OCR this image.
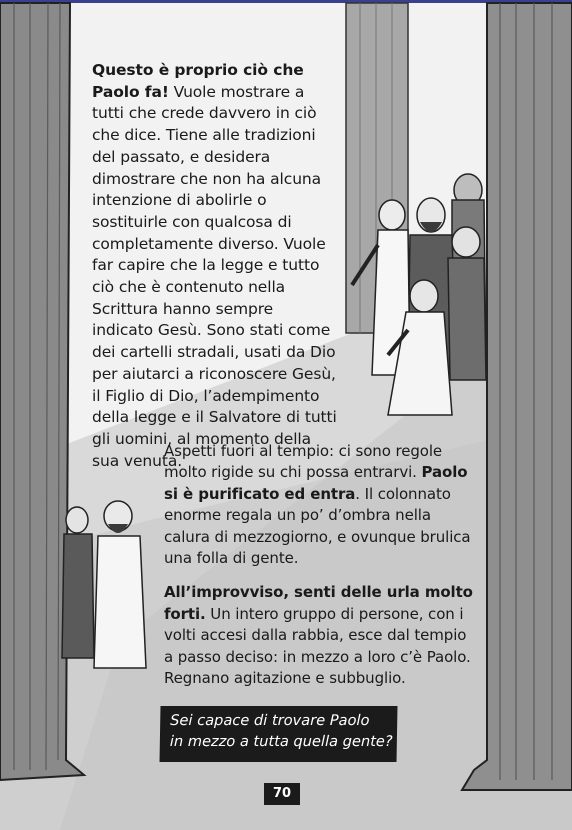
Questo è proprio ciò che Paolo fa! Vuole mostrare a tutti che crede davvero in ciò che dice. Tiene alle tradizioni del passato, e desidera dimostrare che non ha alcuna intenzione di abolirle o sostituirle con qualcosa di completamente diverso. Vuole far capire che la legge e tutto ciò che è contenuto nella Scrittura hanno sempre indicato Gesù. Sono stati come dei cartelli stradali, usati da Dio per aiutarci a riconoscere Gesù, il Figlio di Dio, l’adempimento della legge e il Salvatore di tutti gli uomini, al momento della sua venuta.

Aspetti fuori al tempio: ci sono regole molto rigide su chi possa entrarvi. Paolo si è purificato ed entra. Il colonnato enorme regala un po’ d’ombra nella calura di mezzogiorno, e ovunque brulica una folla di gente.

All’improvviso, senti delle urla molto forti. Un intero gruppo di persone, con i volti accesi dalla rabbia, esce dal tempio a passo deciso: in mezzo a loro c’è Paolo. Regnano agitazione e subbuglio.

Sei capace di trovare Paolo
in mezzo a tutta quella gente?
70
